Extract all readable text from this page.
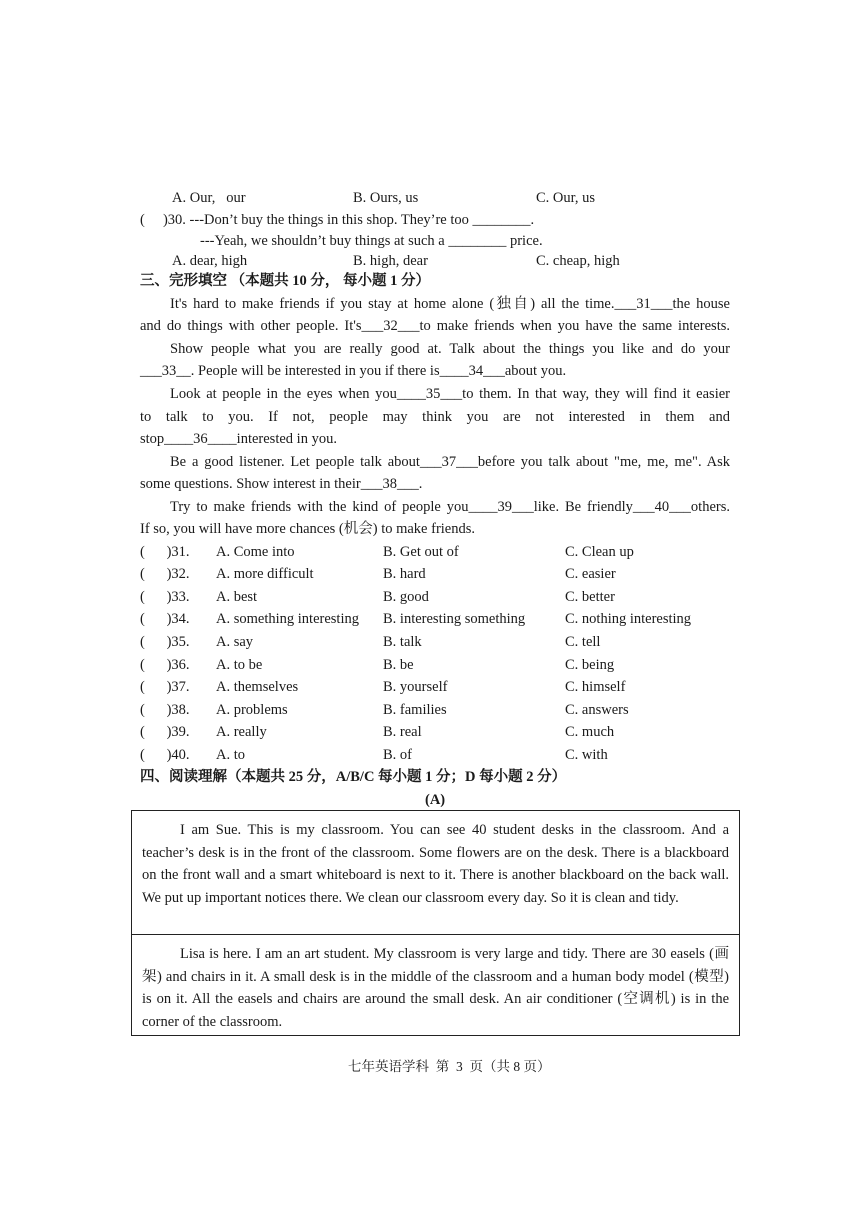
A. Our,   our	B. Ours, us	C. Our, us
(     )30. ---Don’t buy the things in this shop. They’re too ________.
---Yeah, we shouldn’t buy things at such a ________ price.
A. dear, high	B. high, dear	C. cheap, high
三、完形填空 （本题共 10 分， 每小题 1 分）
It's hard to make friends if you stay at home alone (独自) all the time.___31___the house
and do things with other people. It's___32___to make friends when you have the same interests.
Show people what you are really good at. Talk about the things you like and do your
___33__. People will be interested in you if there is____34___about you.
Look at people in the eyes when you____35___to them. In that way, they will find it easier
to talk to you. If not, people may think you are not interested in them and
stop____36____interested in you.
Be a good listener. Let people talk about___37___before you talk about "me, me, me". Ask
some questions. Show interest in their___38___.
Try to make friends with the kind of people you____39___like. Be friendly___40___others.
If so, you will have more chances (机会) to make friends.
(      )31. A. Come into	B. Get out of	C. Clean up
(      )32. A. more difficult	B. hard	C. easier
(      )33. A. best	B. good	C. better
(      )34. A. something interesting B. interesting something	C. nothing interesting
(      )35. A. say	B. talk	C. tell
(      )36. A. to be	B. be	C. being
(      )37. A. themselves	B. yourself	C. himself
(      )38. A. problems	B. families	C. answers
(      )39. A. really	B. real	C. much
(      )40. A. to	B. of	C. with
四、阅读理解（本题共 25 分，A/B/C 每小题 1 分；D 每小题 2 分）
(A)

I am Sue. This is my classroom. You can see 40 student desks in the classroom. And a teacher’s desk is in the front of the classroom. Some flowers are on the desk. There is a blackboard on the front wall and a smart whiteboard is next to it. There is another blackboard on the back wall. We put up important notices there. We clean our classroom every day. So it is clean and tidy.

Lisa is here. I am an art student. My classroom is very large and tidy. There are 30 easels (画架) and chairs in it. A small desk is in the middle of the classroom and a human body model (模型) is on it. All the easels and chairs are around the small desk. An air conditioner (空调机) is in the corner of the classroom.

七年英语学科  第  3  页（共 8 页）
